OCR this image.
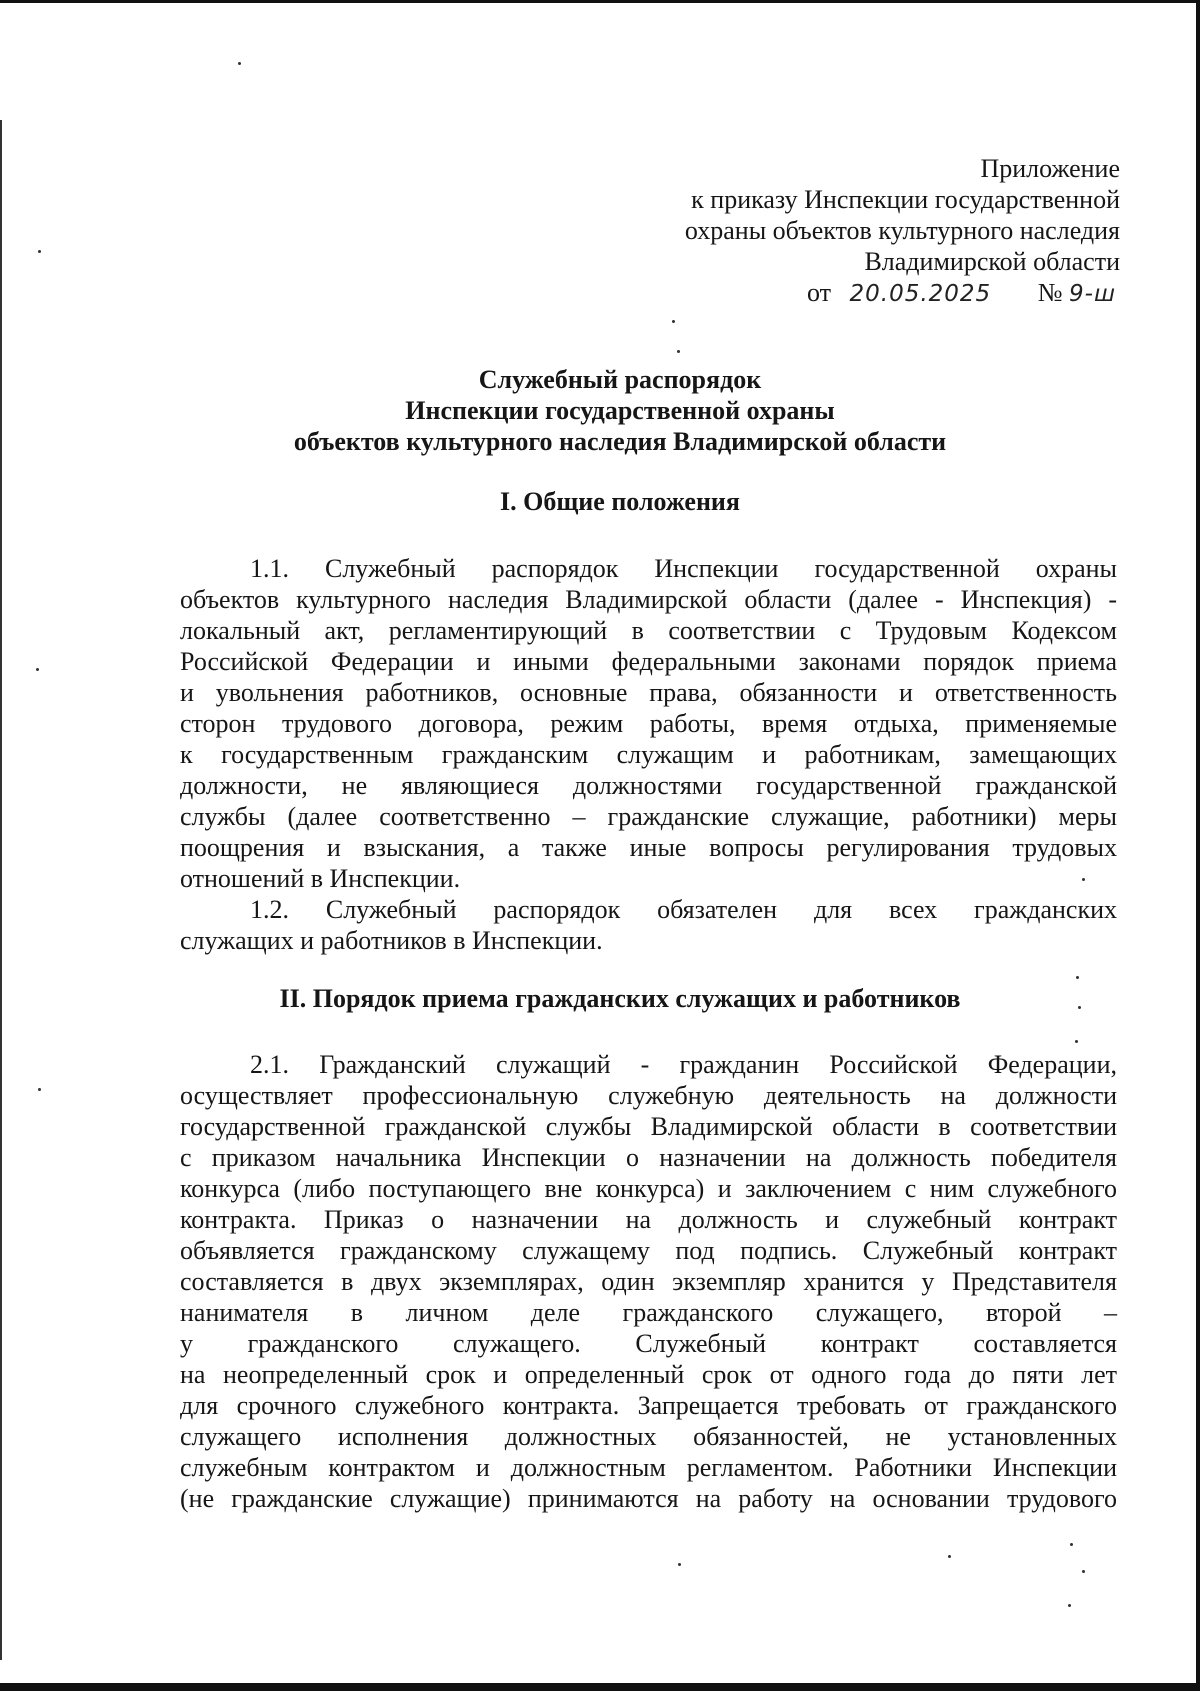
Приложение
к приказу Инспекции государственной
охраны объектов культурного наследия
Владимирской области
от 20.05.2025 № 9-ш
Служебный распорядок
Инспекции государственной охраны
объектов культурного наследия Владимирской области
I. Общие положения
1.1. Служебный распорядок Инспекции государственной охраны
объектов культурного наследия Владимирской области (далее - Инспекция) -
локальный акт, регламентирующий в соответствии с Трудовым Кодексом
Российской Федерации и иными федеральными законами порядок приема
и увольнения работников, основные права, обязанности и ответственность
сторон трудового договора, режим работы, время отдыха, применяемые
к государственным гражданским служащим и работникам, замещающих
должности, не являющиеся должностями государственной гражданской
службы (далее соответственно – гражданские служащие, работники) меры
поощрения и взыскания, а также иные вопросы регулирования трудовых
отношений в Инспекции.
1.2. Служебный распорядок обязателен для всех гражданских
служащих и работников в Инспекции.
II. Порядок приема гражданских служащих и работников
2.1. Гражданский служащий - гражданин Российской Федерации,
осуществляет профессиональную служебную деятельность на должности
государственной гражданской службы Владимирской области в соответствии
с приказом начальника Инспекции о назначении на должность победителя
конкурса (либо поступающего вне конкурса) и заключением с ним служебного
контракта. Приказ о назначении на должность и служебный контракт
объявляется гражданскому служащему под подпись. Служебный контракт
составляется в двух экземплярах, один экземпляр хранится у Представителя
нанимателя в личном деле гражданского служащего, второй –
у гражданского служащего. Служебный контракт составляется
на неопределенный срок и определенный срок от одного года до пяти лет
для срочного служебного контракта. Запрещается требовать от гражданского
служащего исполнения должностных обязанностей, не установленных
служебным контрактом и должностным регламентом. Работники Инспекции
(не гражданские служащие) принимаются на работу на основании трудового
